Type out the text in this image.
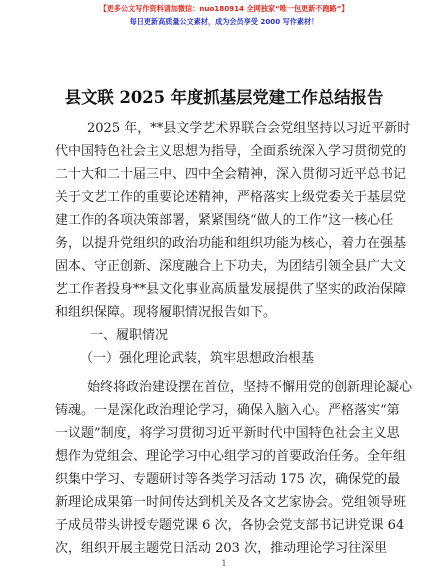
【更多公文写作资料请加微信：nuo180914 全网独家“唯一包更新不跑路”】
每日更新高质量公文素材，成为会员享受 2000 写作素材！
县文联 2025 年度抓基层党建工作总结报告
2025 年，**县文学艺术界联合会党组坚持以习近平新时
代中国特色社会主义思想为指导，全面系统深入学习贯彻党的
二十大和二十届三中、四中全会精神，深入贯彻习近平总书记
关于文艺工作的重要论述精神，严格落实上级党委关于基层党
建工作的各项决策部署，紧紧围绕“做人的工作”这一核心任
务，以提升党组织的政治功能和组织功能为核心，着力在强基
固本、守正创新、深度融合上下功夫，为团结引领全县广大文
艺工作者投身**县文化事业高质量发展提供了坚实的政治保障
和组织保障。现将履职情况报告如下。
一、履职情况
（一）强化理论武装，筑牢思想政治根基
始终将政治建设摆在首位，坚持不懈用党的创新理论凝心
铸魂。一是深化政治理论学习，确保入脑入心。严格落实“第
一议题”制度，将学习贯彻习近平新时代中国特色社会主义思
想作为党组会、理论学习中心组学习的首要政治任务。全年组
织集中学习、专题研讨等各类学习活动 175 次，确保党的最
新理论成果第一时间传达到机关及各文艺家协会。党组领导班
子成员带头讲授专题党课 6 次，各协会党支部书记讲党课 64
次，组织开展主题党日活动 203 次，推动理论学习往深里
1
